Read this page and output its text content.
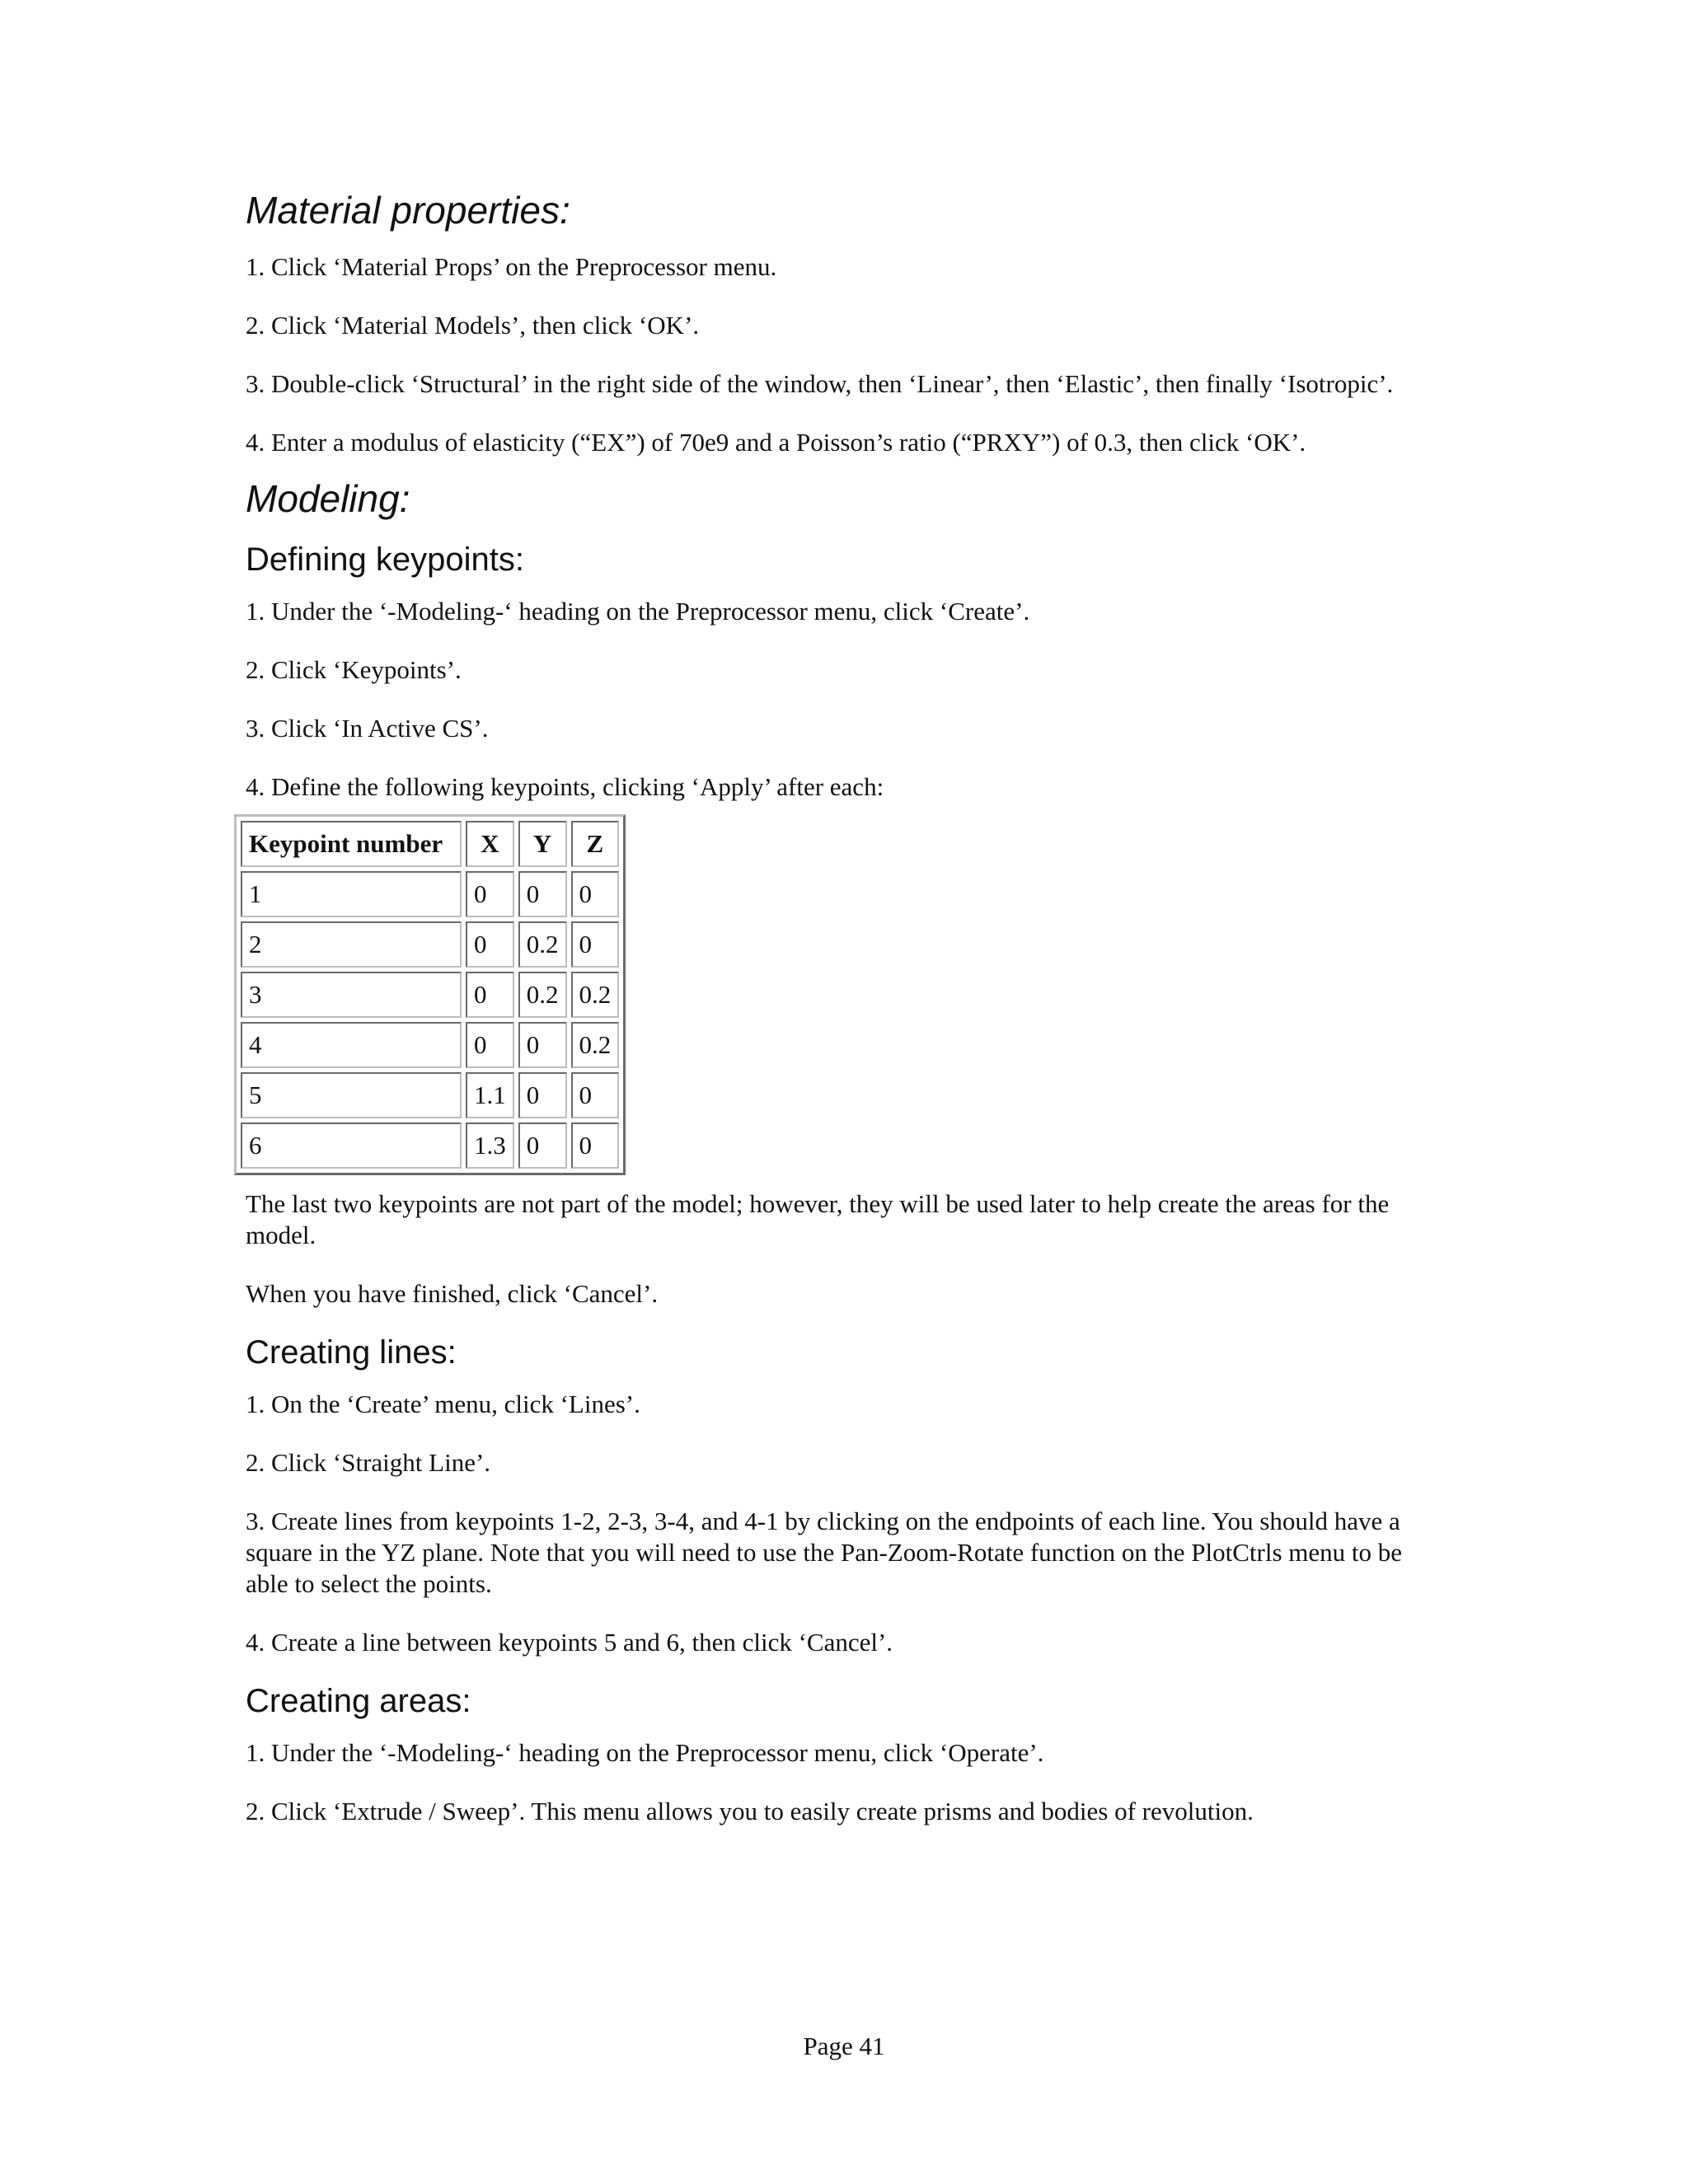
Material properties:
1. Click ‘Material Props’ on the Preprocessor menu.
2. Click ‘Material Models’, then click ‘OK’.
3. Double-click ‘Structural’ in the right side of the window, then ‘Linear’, then ‘Elastic’, then finally ‘Isotropic’.
4. Enter a modulus of elasticity (“EX”) of 70e9 and a Poisson’s ratio (“PRXY”) of 0.3, then click ‘OK’.
Modeling:
Defining keypoints:
1. Under the ‘-Modeling-‘ heading on the Preprocessor menu, click ‘Create’.
2. Click ‘Keypoints’.
3. Click ‘In Active CS’.
4. Define the following keypoints, clicking ‘Apply’ after each:
Keypoint number	X	Y	Z
1	0	0	0
2	0	0.2	0
3	0	0.2	0.2
4	0	0	0.2
5	1.1	0	0
6	1.3	0	0
The last two keypoints are not part of the model; however, they will be used later to help create the areas for the model.
When you have finished, click ‘Cancel’.
Creating lines:
1. On the ‘Create’ menu, click ‘Lines’.
2. Click ‘Straight Line’.
3. Create lines from keypoints 1-2, 2-3, 3-4, and 4-1 by clicking on the endpoints of each line. You should have a square in the YZ plane. Note that you will need to use the Pan-Zoom-Rotate function on the PlotCtrls menu to be able to select the points.
4. Create a line between keypoints 5 and 6, then click ‘Cancel’.
Creating areas:
1. Under the ‘-Modeling-‘ heading on the Preprocessor menu, click ‘Operate’.
2. Click ‘Extrude / Sweep’. This menu allows you to easily create prisms and bodies of revolution.
Page 41
